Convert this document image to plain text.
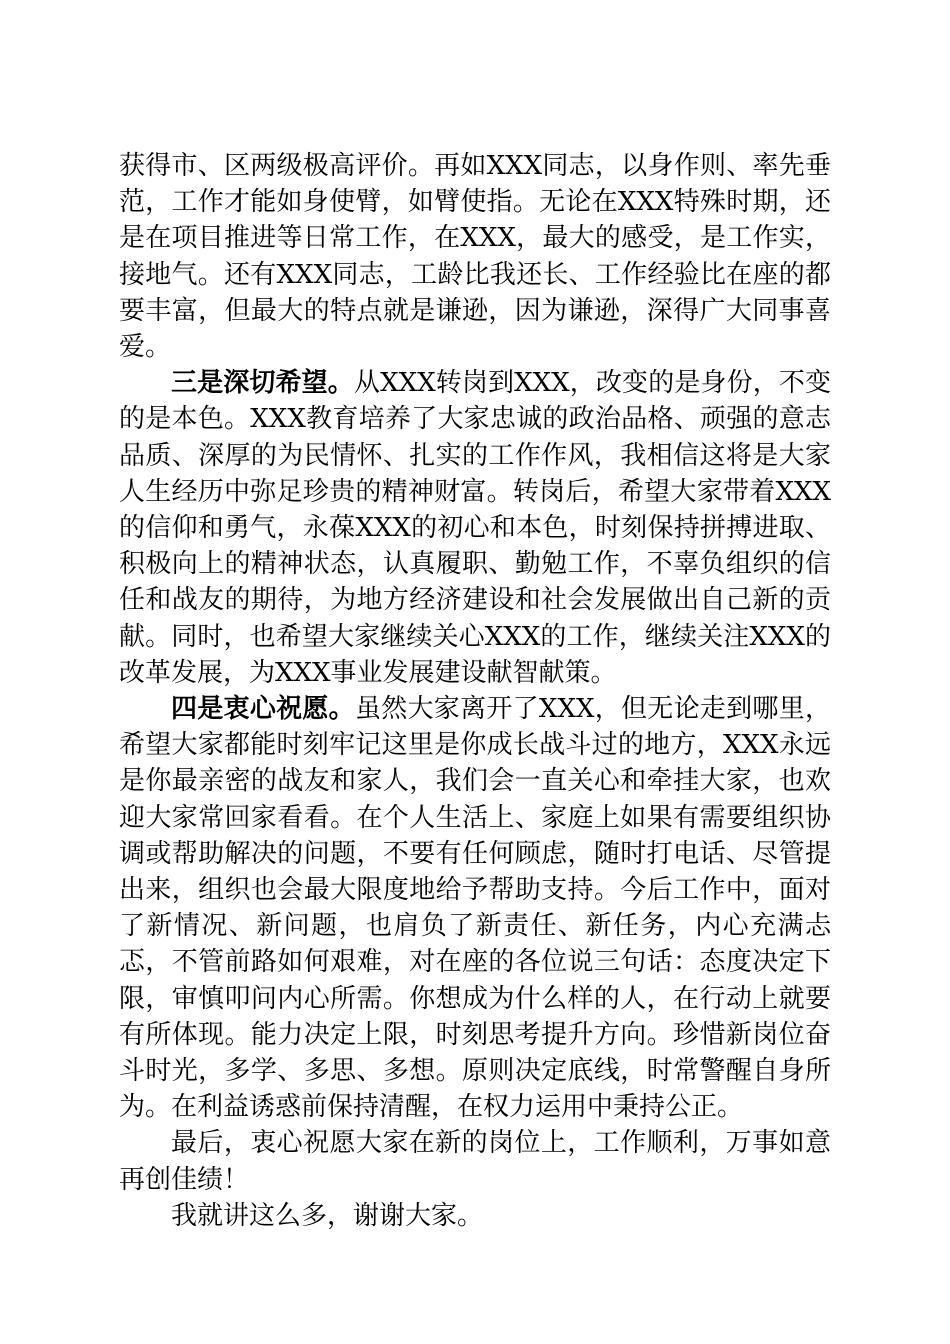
获得市、区两级极高评价。再如XXX同志，以身作则、率先垂范，工作才能如身使臂，如臂使指。无论在XXX特殊时期，还是在项目推进等日常工作，在XXX，最大的感受，是工作实，接地气。还有XXX同志，工龄比我还长、工作经验比在座的都要丰富，但最大的特点就是谦逊，因为谦逊，深得广大同事喜爱。

三是深切希望。从XXX转岗到XXX，改变的是身份，不变的是本色。XXX教育培养了大家忠诚的政治品格、顽强的意志品质、深厚的为民情怀、扎实的工作作风，我相信这将是大家人生经历中弥足珍贵的精神财富。转岗后，希望大家带着XXX的信仰和勇气，永葆XXX的初心和本色，时刻保持拼搏进取、积极向上的精神状态，认真履职、勤勉工作，不辜负组织的信任和战友的期待，为地方经济建设和社会发展做出自己新的贡献。同时，也希望大家继续关心XXX的工作，继续关注XXX的改革发展，为XXX事业发展建设献智献策。

四是衷心祝愿。虽然大家离开了XXX，但无论走到哪里，希望大家都能时刻牢记这里是你成长战斗过的地方，XXX永远是你最亲密的战友和家人，我们会一直关心和牵挂大家，也欢迎大家常回家看看。在个人生活上、家庭上如果有需要组织协调或帮助解决的问题，不要有任何顾虑，随时打电话、尽管提出来，组织也会最大限度地给予帮助支持。今后工作中，面对了新情况、新问题，也肩负了新责任、新任务，内心充满忐忑，不管前路如何艰难，对在座的各位说三句话：态度决定下限，审慎叩问内心所需。你想成为什么样的人，在行动上就要有所体现。能力决定上限，时刻思考提升方向。珍惜新岗位奋斗时光，多学、多思、多想。原则决定底线，时常警醒自身所为。在利益诱惑前保持清醒，在权力运用中秉持公正。

最后，衷心祝愿大家在新的岗位上，工作顺利，万事如意再创佳绩！

我就讲这么多，谢谢大家。
